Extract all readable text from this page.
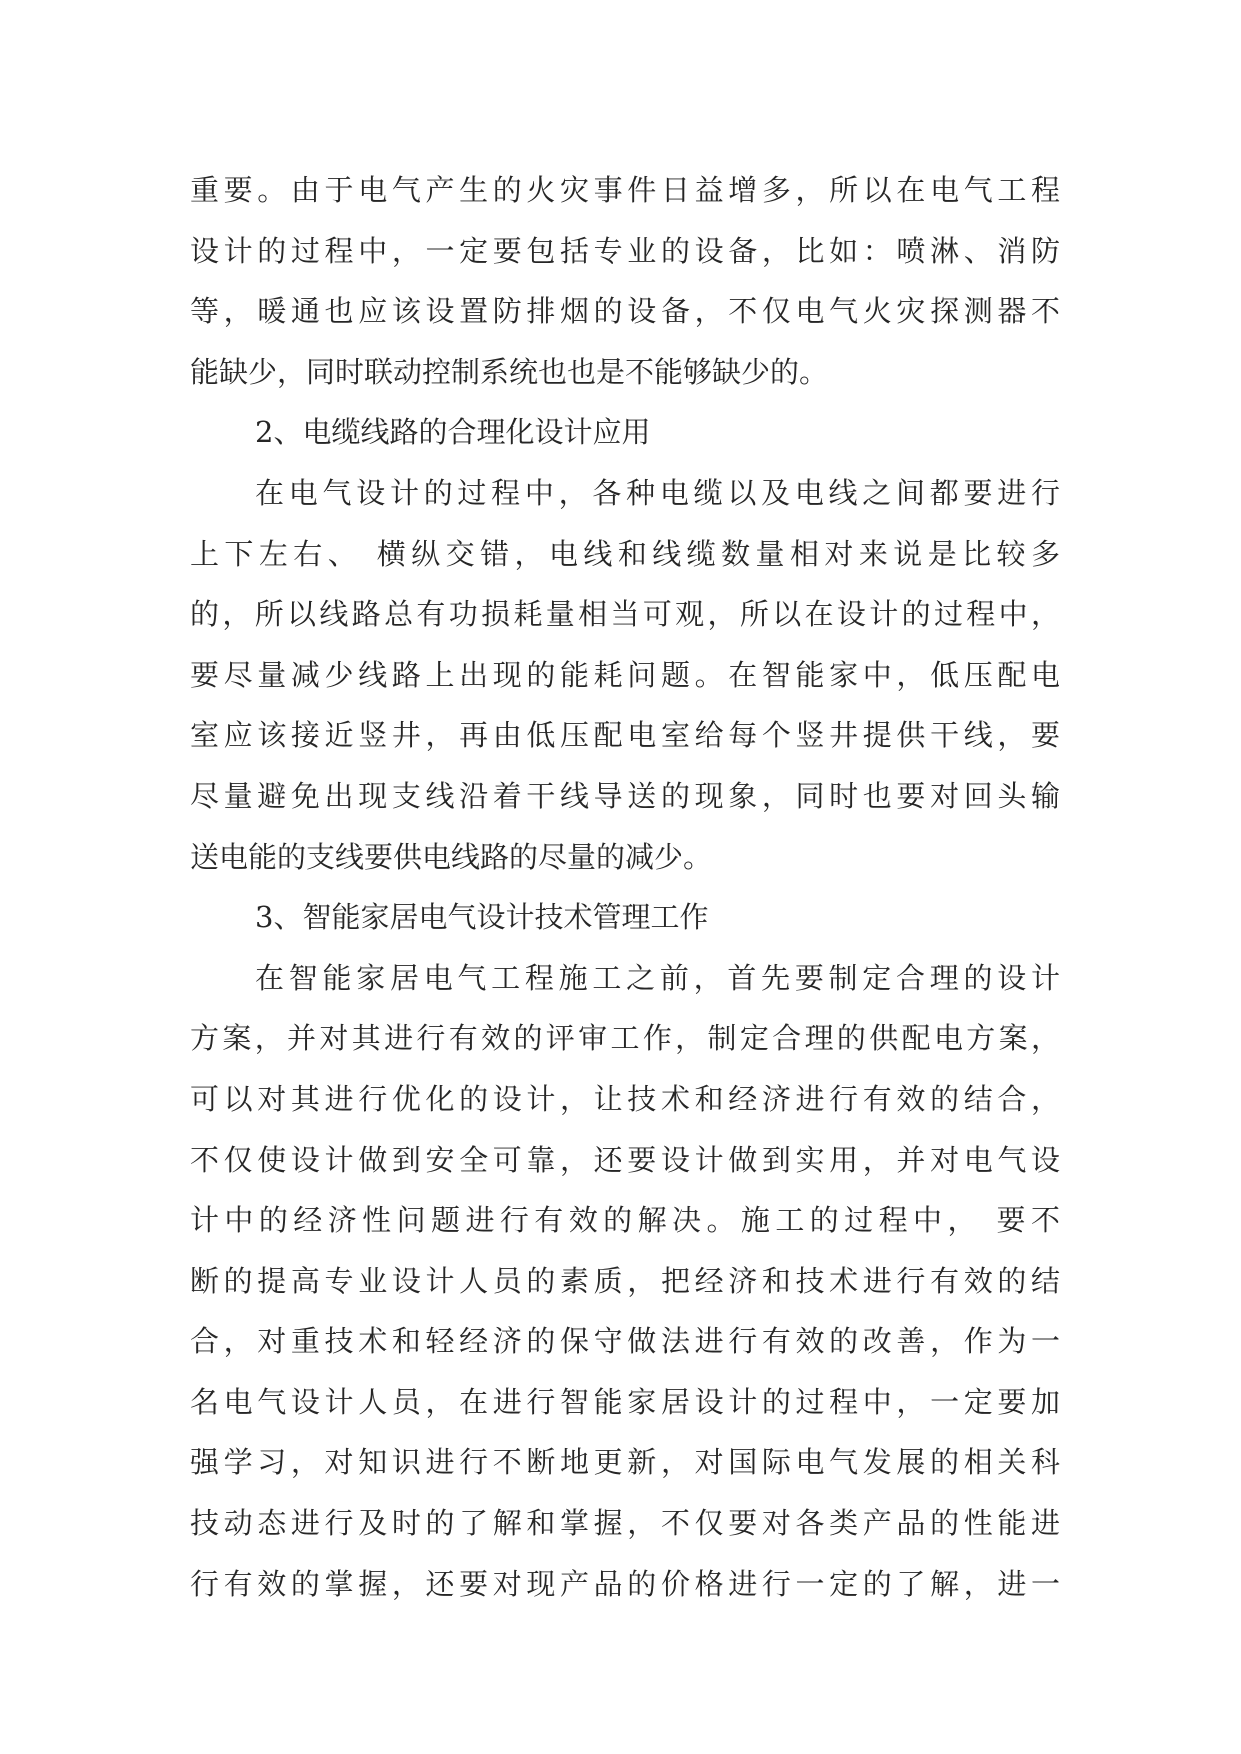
重要。由于电气产生的火灾事件日益增多，所以在电气工程
设计的过程中，一定要包括专业的设备，比如：喷淋、消防
等，暖通也应该设置防排烟的设备，不仅电气火灾探测器不
能缺少，同时联动控制系统也也是不能够缺少的。
2、电缆线路的合理化设计应用
在电气设计的过程中，各种电缆以及电线之间都要进行
上下左右、 横纵交错，电线和线缆数量相对来说是比较多
的，所以线路总有功损耗量相当可观，所以在设计的过程中，
要尽量减少线路上出现的能耗问题。在智能家中，低压配电
室应该接近竖井，再由低压配电室给每个竖井提供干线，要
尽量避免出现支线沿着干线导送的现象，同时也要对回头输
送电能的支线要供电线路的尽量的减少。
3、智能家居电气设计技术管理工作
在智能家居电气工程施工之前，首先要制定合理的设计
方案，并对其进行有效的评审工作，制定合理的供配电方案，
可以对其进行优化的设计，让技术和经济进行有效的结合，
不仅使设计做到安全可靠，还要设计做到实用，并对电气设
计中的经济性问题进行有效的解决。施工的过程中， 要不
断的提高专业设计人员的素质，把经济和技术进行有效的结
合，对重技术和轻经济的保守做法进行有效的改善，作为一
名电气设计人员，在进行智能家居设计的过程中，一定要加
强学习，对知识进行不断地更新，对国际电气发展的相关科
技动态进行及时的了解和掌握，不仅要对各类产品的性能进
行有效的掌握，还要对现产品的价格进行一定的了解，进一
